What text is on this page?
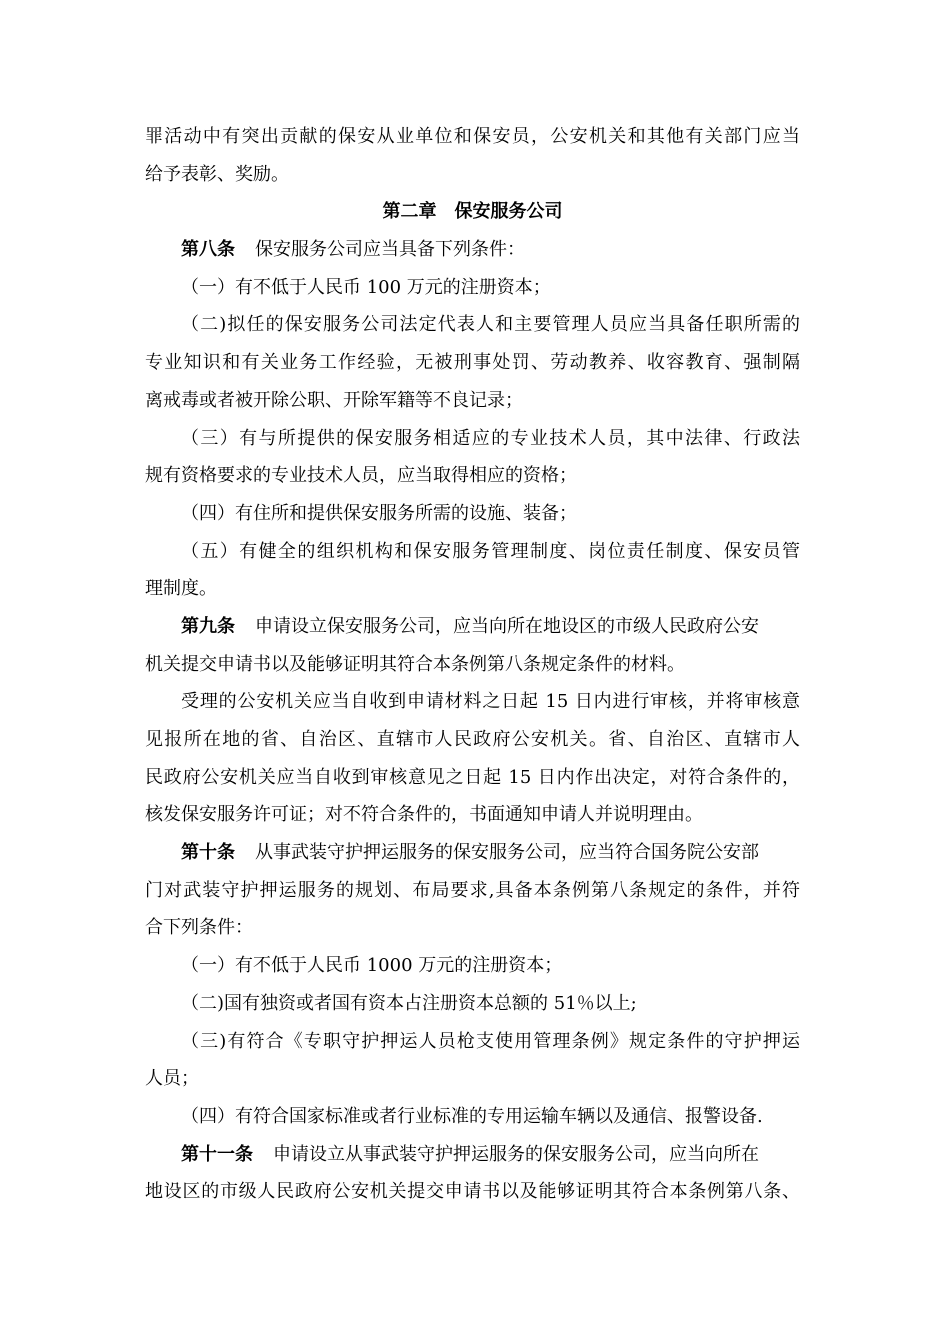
罪活动中有突出贡献的保安从业单位和保安员，公安机关和其他有关部门应当
给予表彰、奖励。
第二章　保安服务公司
第八条 保安服务公司应当具备下列条件：
（一）有不低于人民币 100 万元的注册资本；
（二)拟任的保安服务公司法定代表人和主要管理人员应当具备任职所需的
专业知识和有关业务工作经验，无被刑事处罚、劳动教养、收容教育、强制隔
离戒毒或者被开除公职、开除军籍等不良记录；
（三）有与所提供的保安服务相适应的专业技术人员，其中法律、行政法
规有资格要求的专业技术人员，应当取得相应的资格；
（四）有住所和提供保安服务所需的设施、装备；
（五）有健全的组织机构和保安服务管理制度、岗位责任制度、保安员管
理制度。
第九条 申请设立保安服务公司，应当向所在地设区的市级人民政府公安
机关提交申请书以及能够证明其符合本条例第八条规定条件的材料。
受理的公安机关应当自收到申请材料之日起 15 日内进行审核，并将审核意
见报所在地的省、自治区、直辖市人民政府公安机关。省、自治区、直辖市人
民政府公安机关应当自收到审核意见之日起 15 日内作出决定，对符合条件的，
核发保安服务许可证；对不符合条件的，书面通知申请人并说明理由。
第十条 从事武装守护押运服务的保安服务公司，应当符合国务院公安部
门对武装守护押运服务的规划、布局要求,具备本条例第八条规定的条件，并符
合下列条件：
（一）有不低于人民币 1000 万元的注册资本；
（二)国有独资或者国有资本占注册资本总额的 51％以上;
（三)有符合《专职守护押运人员枪支使用管理条例》规定条件的守护押运
人员；
（四）有符合国家标准或者行业标准的专用运输车辆以及通信、报警设备.
第十一条 申请设立从事武装守护押运服务的保安服务公司，应当向所在
地设区的市级人民政府公安机关提交申请书以及能够证明其符合本条例第八条、
